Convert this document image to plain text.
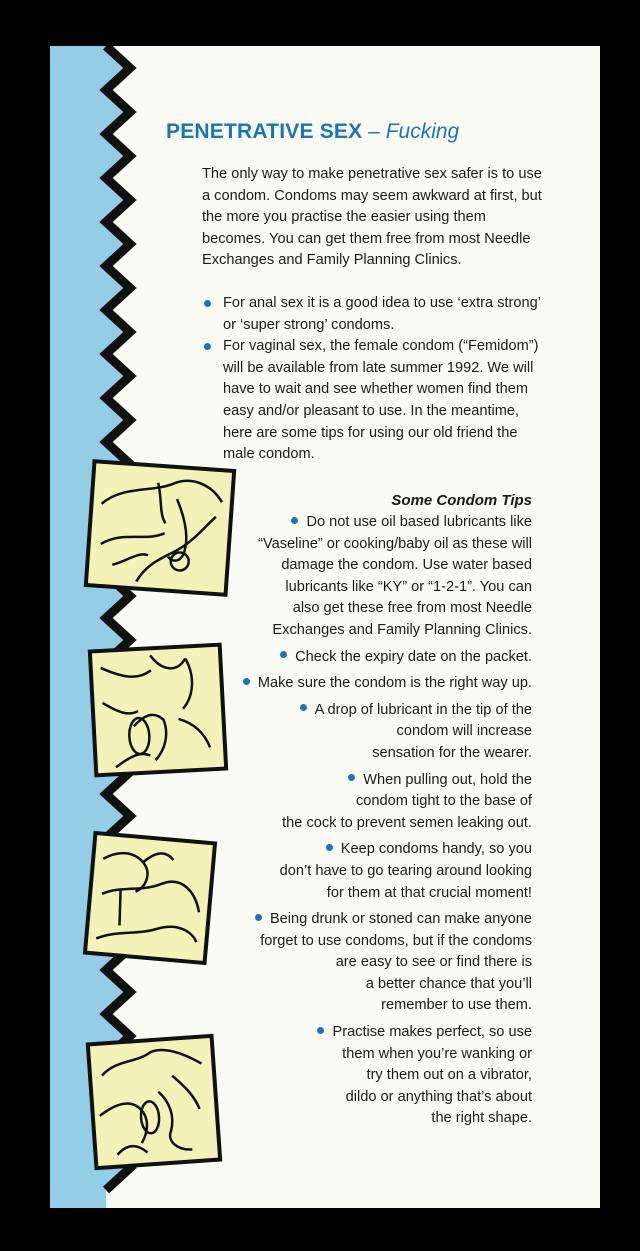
PENETRATIVE SEX – Fucking

The only way to make penetrative sex safer is to use a condom. Condoms may seem awkward at first, but the more you practise the easier using them becomes. You can get them free from most Needle Exchanges and Family Planning Clinics.

For anal sex it is a good idea to use ‘extra strong’ or ‘super strong’ condoms.
For vaginal sex, the female condom (“Femidom”) will be available from late summer 1992. We will have to wait and see whether women find them easy and/or pleasant to use. In the meantime, here are some tips for using our old friend the male condom.
Some Condom Tips
Do not use oil based lubricants like
“Vaseline” or cooking/baby oil as these will
damage the condom. Use water based
lubricants like “KY” or “1-2-1”. You can
also get these free from most Needle
Exchanges and Family Planning Clinics.
Check the expiry date on the packet.
Make sure the condom is the right way up.
A drop of lubricant in the tip of the
condom will increase
sensation for the wearer.
When pulling out, hold the
condom tight to the base of
the cock to prevent semen leaking out.
Keep condoms handy, so you
don’t have to go tearing around looking
for them at that crucial moment!
Being drunk or stoned can make anyone
forget to use condoms, but if the condoms
are easy to see or find there is
a better chance that you’ll
remember to use them.
Practise makes perfect, so use
them when you’re wanking or
try them out on a vibrator,
dildo or anything that’s about
the right shape.
